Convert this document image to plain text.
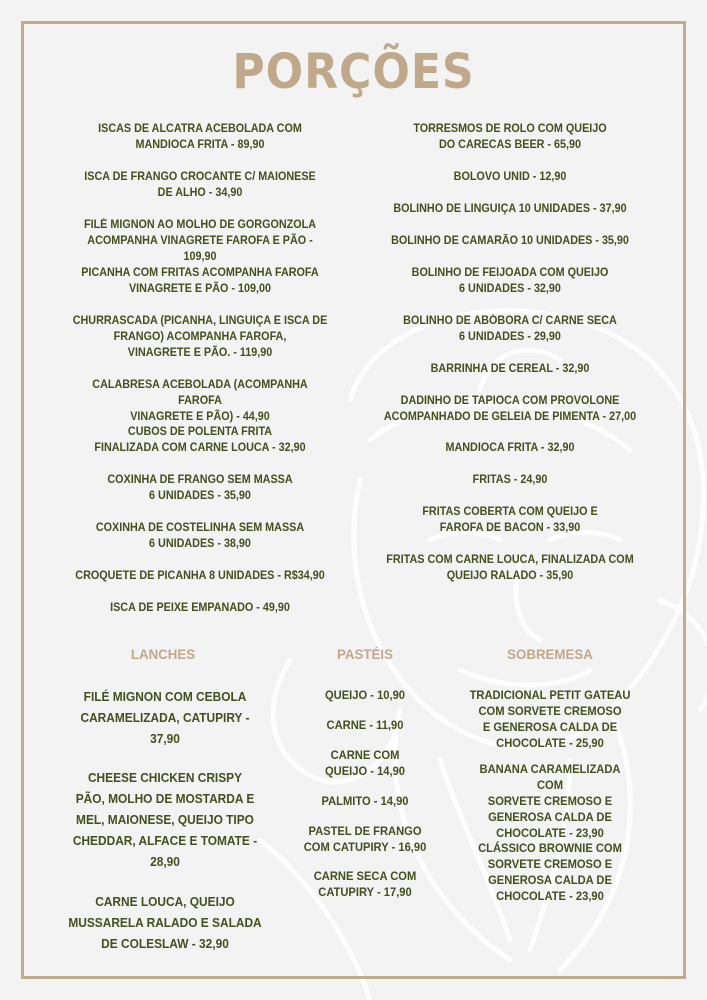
PORÇÕES
ISCAS DE ALCATRA ACEBOLADA COM
MANDIOCA FRITA - 89,90
ISCA DE FRANGO CROCANTE C/ MAIONESE
DE ALHO - 34,90
FILÉ MIGNON AO MOLHO DE GORGONZOLA
ACOMPANHA VINAGRETE FAROFA E PÃO - 109,90
PICANHA COM FRITAS ACOMPANHA FAROFA
VINAGRETE E PÃO - 109,00
CHURRASCADA (PICANHA, LINGUIÇA E ISCA DE
FRANGO) ACOMPANHA FAROFA,
VINAGRETE E PÃO. - 119,90
CALABRESA ACEBOLADA (ACOMPANHA FAROFA
VINAGRETE E PÃO) - 44,90
CUBOS DE POLENTA FRITA
FINALIZADA COM CARNE LOUCA - 32,90
COXINHA DE FRANGO SEM MASSA
6 UNIDADES - 35,90
COXINHA DE COSTELINHA SEM MASSA
6 UNIDADES - 38,90
CROQUETE DE PICANHA 8 UNIDADES - R$34,90
ISCA DE PEIXE EMPANADO - 49,90
TORRESMOS DE ROLO COM QUEIJO
DO CARECAS BEER - 65,90
BOLOVO UNID - 12,90
BOLINHO DE LINGUIÇA 10 UNIDADES - 37,90
BOLINHO DE CAMARÃO 10 UNIDADES - 35,90
BOLINHO DE FEIJOADA COM QUEIJO
6 UNIDADES - 32,90
BOLINHO DE ABÓBORA C/ CARNE SECA
6 UNIDADES - 29,90
BARRINHA DE CEREAL - 32,90
DADINHO DE TAPIOCA COM PROVOLONE
ACOMPANHADO DE GELEIA DE PIMENTA - 27,00
MANDIOCA FRITA - 32,90
FRITAS - 24,90
FRITAS COBERTA COM QUEIJO E
FAROFA DE BACON - 33,90
FRITAS COM CARNE LOUCA, FINALIZADA COM
QUEIJO RALADO - 35,90
LANCHES	PASTÉIS	SOBREMESA
FILÉ MIGNON COM CEBOLA
CARAMELIZADA, CATUPIRY -
37,90
CHEESE CHICKEN CRISPY
PÃO, MOLHO DE MOSTARDA E
MEL, MAIONESE, QUEIJO TIPO
CHEDDAR, ALFACE E TOMATE -
28,90
CARNE LOUCA, QUEIJO
MUSSARELA RALADO E SALADA
DE COLESLAW - 32,90
QUEIJO - 10,90
CARNE - 11,90
CARNE COM
QUEIJO - 14,90
PALMITO - 14,90
PASTEL DE FRANGO
COM CATUPIRY - 16,90
CARNE SECA COM
CATUPIRY - 17,90
TRADICIONAL PETIT GATEAU
COM SORVETE CREMOSO
E GENEROSA CALDA DE
CHOCOLATE - 25,90
BANANA CARAMELIZADA COM
SORVETE CREMOSO E
GENEROSA CALDA DE
CHOCOLATE - 23,90
CLÁSSICO BROWNIE COM
SORVETE CREMOSO E
GENEROSA CALDA DE
CHOCOLATE - 23,90
